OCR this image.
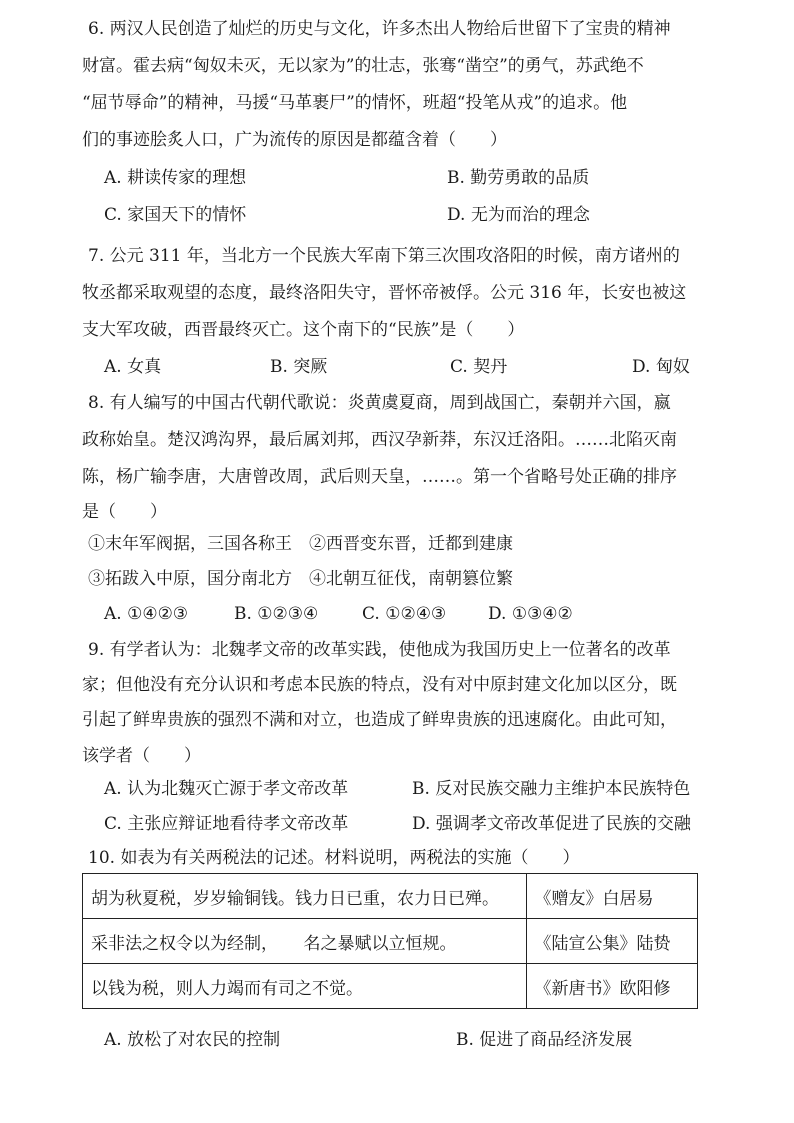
6. 两汉人民创造了灿烂的历史与文化，许多杰出人物给后世留下了宝贵的精神
财富。霍去病“匈奴未灭，无以家为”的壮志，张骞“凿空”的勇气，苏武绝不
“屈节辱命”的精神，马援“马革裹尸”的情怀，班超“投笔从戎”的追求。他
们的事迹脍炙人口，广为流传的原因是都蕴含着（　　）
A. 耕读传家的理想	B. 勤劳勇敢的品质
C. 家国天下的情怀	D. 无为而治的理念
7. 公元 311 年，当北方一个民族大军南下第三次围攻洛阳的时候，南方诸州的
牧丞都采取观望的态度，最终洛阳失守，晋怀帝被俘。公元 316 年，长安也被这
支大军攻破，西晋最终灭亡。这个南下的“民族”是（　　）
A. 女真	B. 突厥	C. 契丹	D. 匈奴
8. 有人编写的中国古代朝代歌说：炎黄虞夏商，周到战国亡，秦朝并六国，嬴
政称始皇。楚汉鸿沟界，最后属刘邦，西汉孕新莽，东汉迁洛阳。……北陷灭南
陈，杨广输李唐，大唐曾改周，武后则天皇，……。第一个省略号处正确的排序
是（　　）
①末年军阀据，三国各称王　②西晋变东晋，迁都到建康
③拓跋入中原，国分南北方　④北朝互征伐，南朝篡位繁
A. ①④②③	B. ①②③④	C. ①②④③ D. ①③④②
9. 有学者认为：北魏孝文帝的改革实践，使他成为我国历史上一位著名的改革
家；但他没有充分认识和考虑本民族的特点，没有对中原封建文化加以区分，既
引起了鲜卑贵族的强烈不满和对立，也造成了鲜卑贵族的迅速腐化。由此可知，
该学者（　　）
A. 认为北魏灭亡源于孝文帝改革	B. 反对民族交融力主维护本民族特色
C. 主张应辩证地看待孝文帝改革	D. 强调孝文帝改革促进了民族的交融
10. 如表为有关两税法的记述。材料说明，两税法的实施（　　）
胡为秋夏税，岁岁输铜钱。钱力日已重，农力日已殚。	《赠友》白居易
采非法之权令以为经制，　　名之暴赋以立恒规。	《陆宣公集》陆贽
以钱为税，则人力竭而有司之不觉。	《新唐书》欧阳修
A. 放松了对农民的控制	B. 促进了商品经济发展
